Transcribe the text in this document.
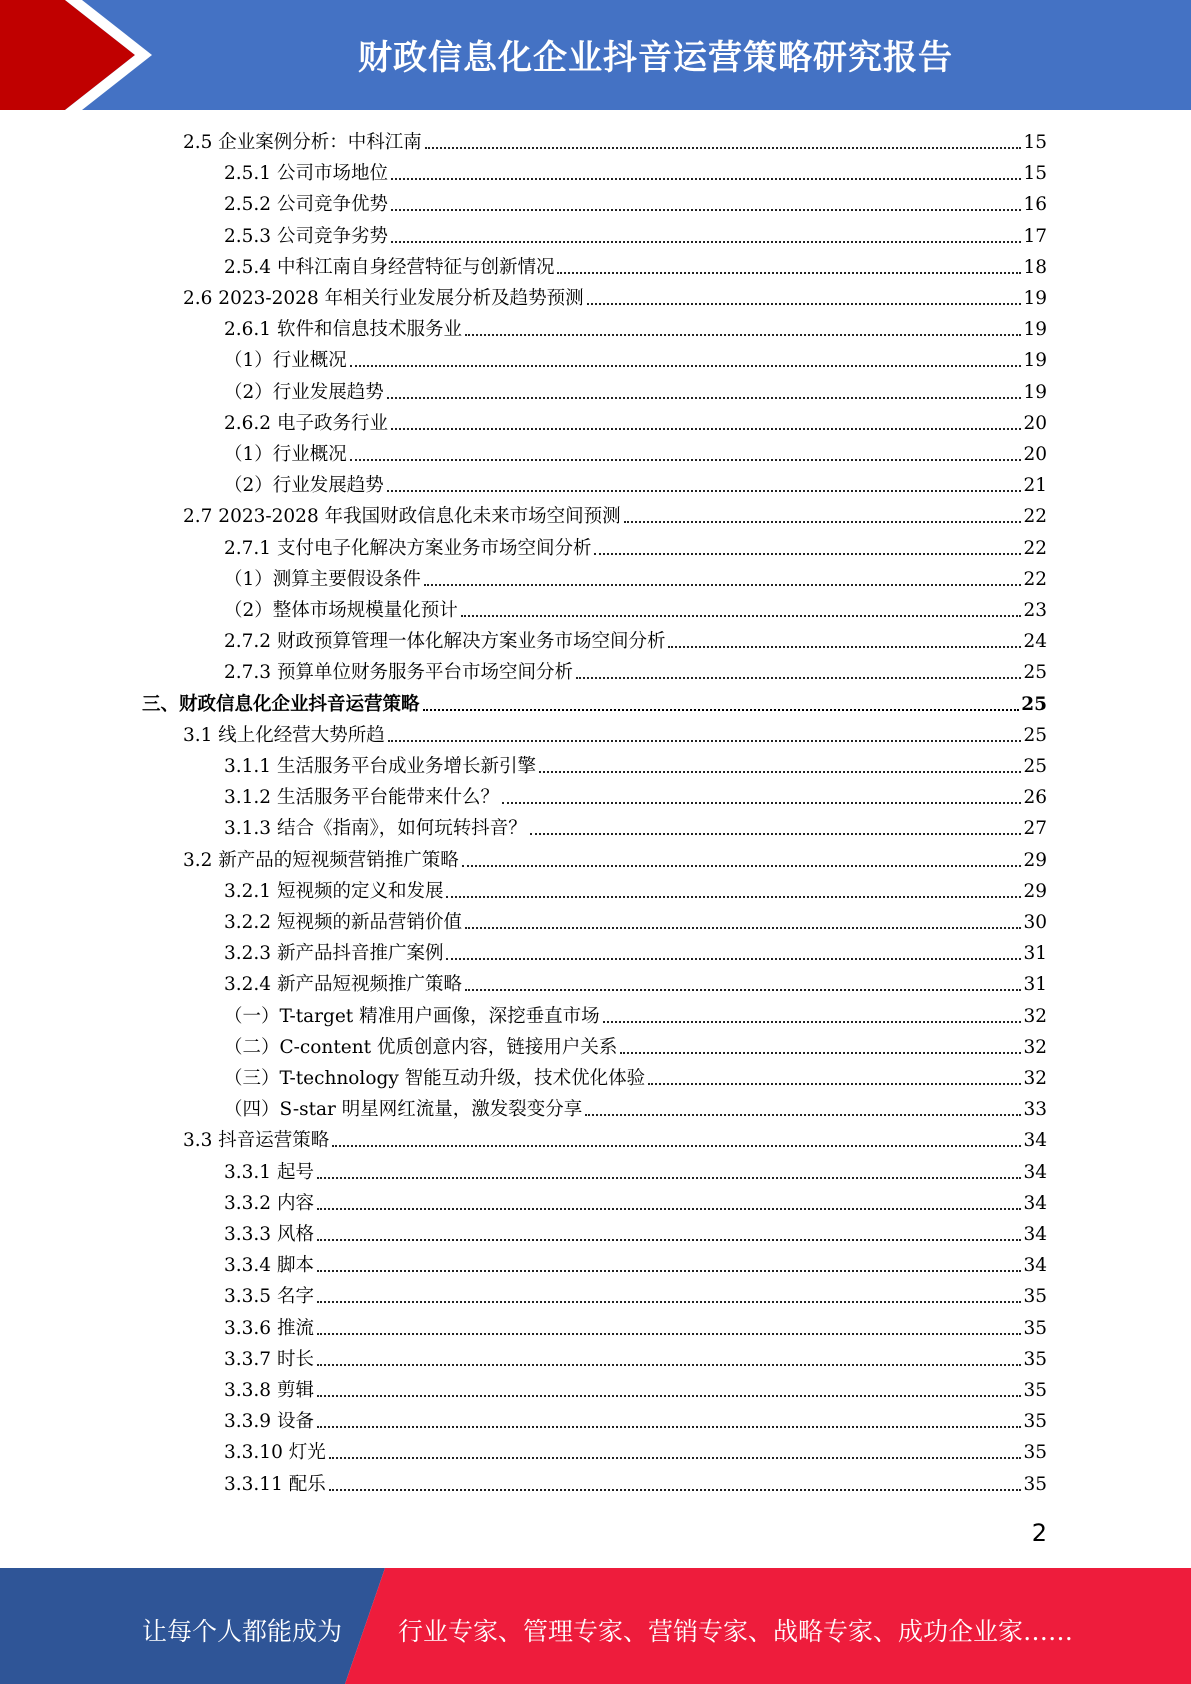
财政信息化企业抖音运营策略研究报告
2.5 企业案例分析：中科江南	15
2.5.1 公司市场地位	15
2.5.2 公司竞争优势	16
2.5.3 公司竞争劣势	17
2.5.4 中科江南自身经营特征与创新情况	18
2.6 2023-2028 年相关行业发展分析及趋势预测	19
2.6.1 软件和信息技术服务业	19
（1）行业概况	19
（2）行业发展趋势	19
2.6.2 电子政务行业	20
（1）行业概况	20
（2）行业发展趋势	21
2.7 2023-2028 年我国财政信息化未来市场空间预测	22
2.7.1 支付电子化解决方案业务市场空间分析	22
（1）测算主要假设条件	22
（2）整体市场规模量化预计	23
2.7.2 财政预算管理一体化解决方案业务市场空间分析	24
2.7.3 预算单位财务服务平台市场空间分析	25
三、财政信息化企业抖音运营策略	25
3.1 线上化经营大势所趋	25
3.1.1 生活服务平台成业务增长新引擎	25
3.1.2 生活服务平台能带来什么？	26
3.1.3 结合《指南》，如何玩转抖音？	27
3.2 新产品的短视频营销推广策略	29
3.2.1 短视频的定义和发展	29
3.2.2 短视频的新品营销价值	30
3.2.3 新产品抖音推广案例	31
3.2.4 新产品短视频推广策略	31
（一）T-target 精准用户画像，深挖垂直市场	32
（二）C-content 优质创意内容，链接用户关系	32
（三）T-technology 智能互动升级，技术优化体验	32
（四）S-star 明星网红流量，激发裂变分享	33
3.3 抖音运营策略	34
3.3.1 起号	34
3.3.2 内容	34
3.3.3 风格	34
3.3.4 脚本	34
3.3.5 名字	35
3.3.6 推流	35
3.3.7 时长	35
3.3.8 剪辑	35
3.3.9 设备	35
3.3.10 灯光	35
3.3.11 配乐	35
2
让每个人都能成为 行业专家、管理专家、营销专家、战略专家、成功企业家……
